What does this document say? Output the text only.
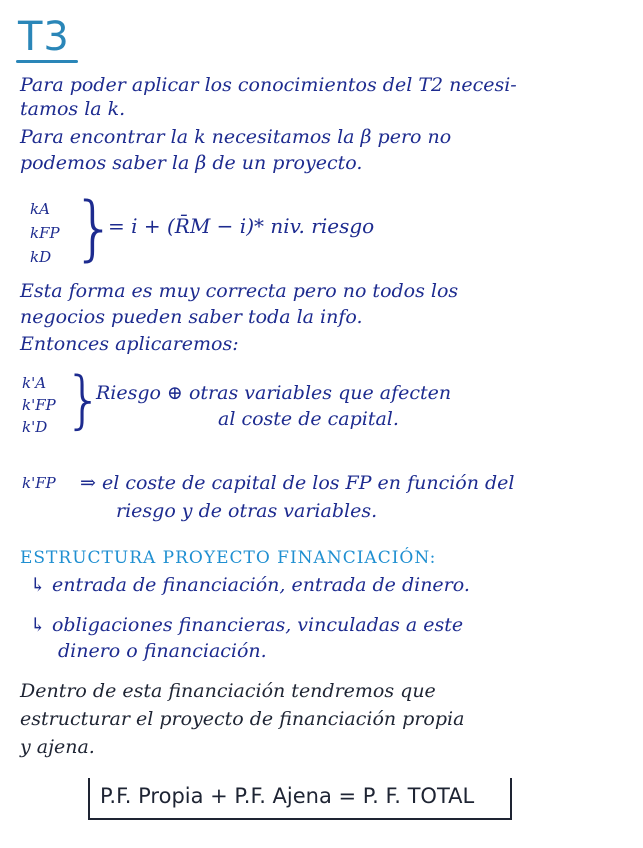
T3
Para poder aplicar los conocimientos del T2 necesi-
tamos la k.
Para encontrar la k necesitamos la β pero no
podemos saber la β de un proyecto.
kA
kFP
kD }
= i + (R̄M − i)* niv. riesgo
Esta forma es muy correcta pero no todos los
negocios pueden saber toda la info.
Entonces aplicaremos:
k'A
k'FP
k'D }
Riesgo ⊕ otras variables que afecten
al coste de capital.
k'FP ⇒ el coste de capital de los FP en función del
riesgo y de otras variables.
ESTRUCTURA PROYECTO FINANCIACIÓN:
↳ entrada de financiación, entrada de dinero.
↳ obligaciones financieras, vinculadas a este
dinero o financiación.
Dentro de esta financiación tendremos que
estructurar el proyecto de financiación propia
y ajena.
P.F. Propia + P.F. Ajena = P. F. TOTAL
